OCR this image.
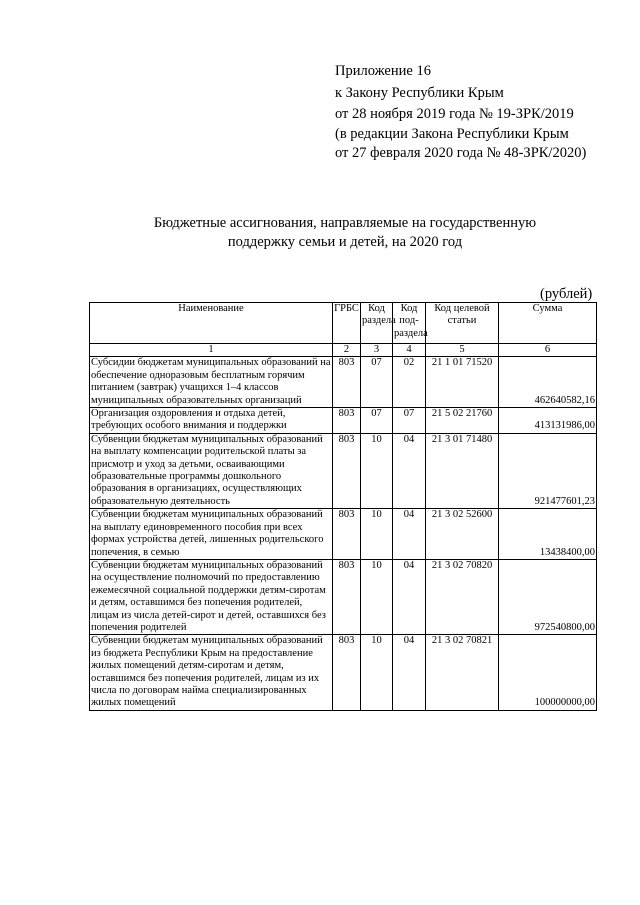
Приложение 16
к Закону Республики Крым
от 28 ноября 2019 года № 19-ЗРК/2019
(в редакции Закона Республики Крым
от 27 февраля 2020 года № 48-ЗРК/2020)
Бюджетные ассигнования, направляемые на государственную
поддержку семьи и детей, на 2020 год
(рублей)
Наименование	ГРБС	Код раздела	Код под-раздела	Код целевой статьи	Сумма
1	2	3	4	5	6
Субсидии бюджетам муниципальных образований на обеспечение одноразовым бесплатным горячим питанием (завтрак) учащихся 1–4 классов муниципальных образовательных организаций	803	07	02	21 1 01 71520	462640582,16
Организация оздоровления и отдыха детей, требующих особого внимания и поддержки	803	07	07	21 5 02 21760	413131986,00
Субвенции бюджетам муниципальных образований на выплату компенсации родительской платы за присмотр и уход за детьми, осваивающими образовательные программы дошкольного образования в организациях, осуществляющих образовательную деятельность	803	10	04	21 3 01 71480	921477601,23
Субвенции бюджетам муниципальных образований на выплату единовременного пособия при всех формах устройства детей, лишенных родительского попечения, в семью	803	10	04	21 3 02 52600	13438400,00
Субвенции бюджетам муниципальных образований на осуществление полномочий по предоставлению ежемесячной социальной поддержки детям-сиротам и детям, оставшимся без попечения родителей, лицам из числа детей-сирот и детей, оставшихся без попечения родителей	803	10	04	21 3 02 70820	972540800,00
Субвенции бюджетам муниципальных образований из бюджета Республики Крым на предоставление жилых помещений детям-сиротам и детям, оставшимся без попечения родителей, лицам из их числа по договорам найма специализированных жилых помещений	803	10	04	21 3 02 70821	100000000,00
